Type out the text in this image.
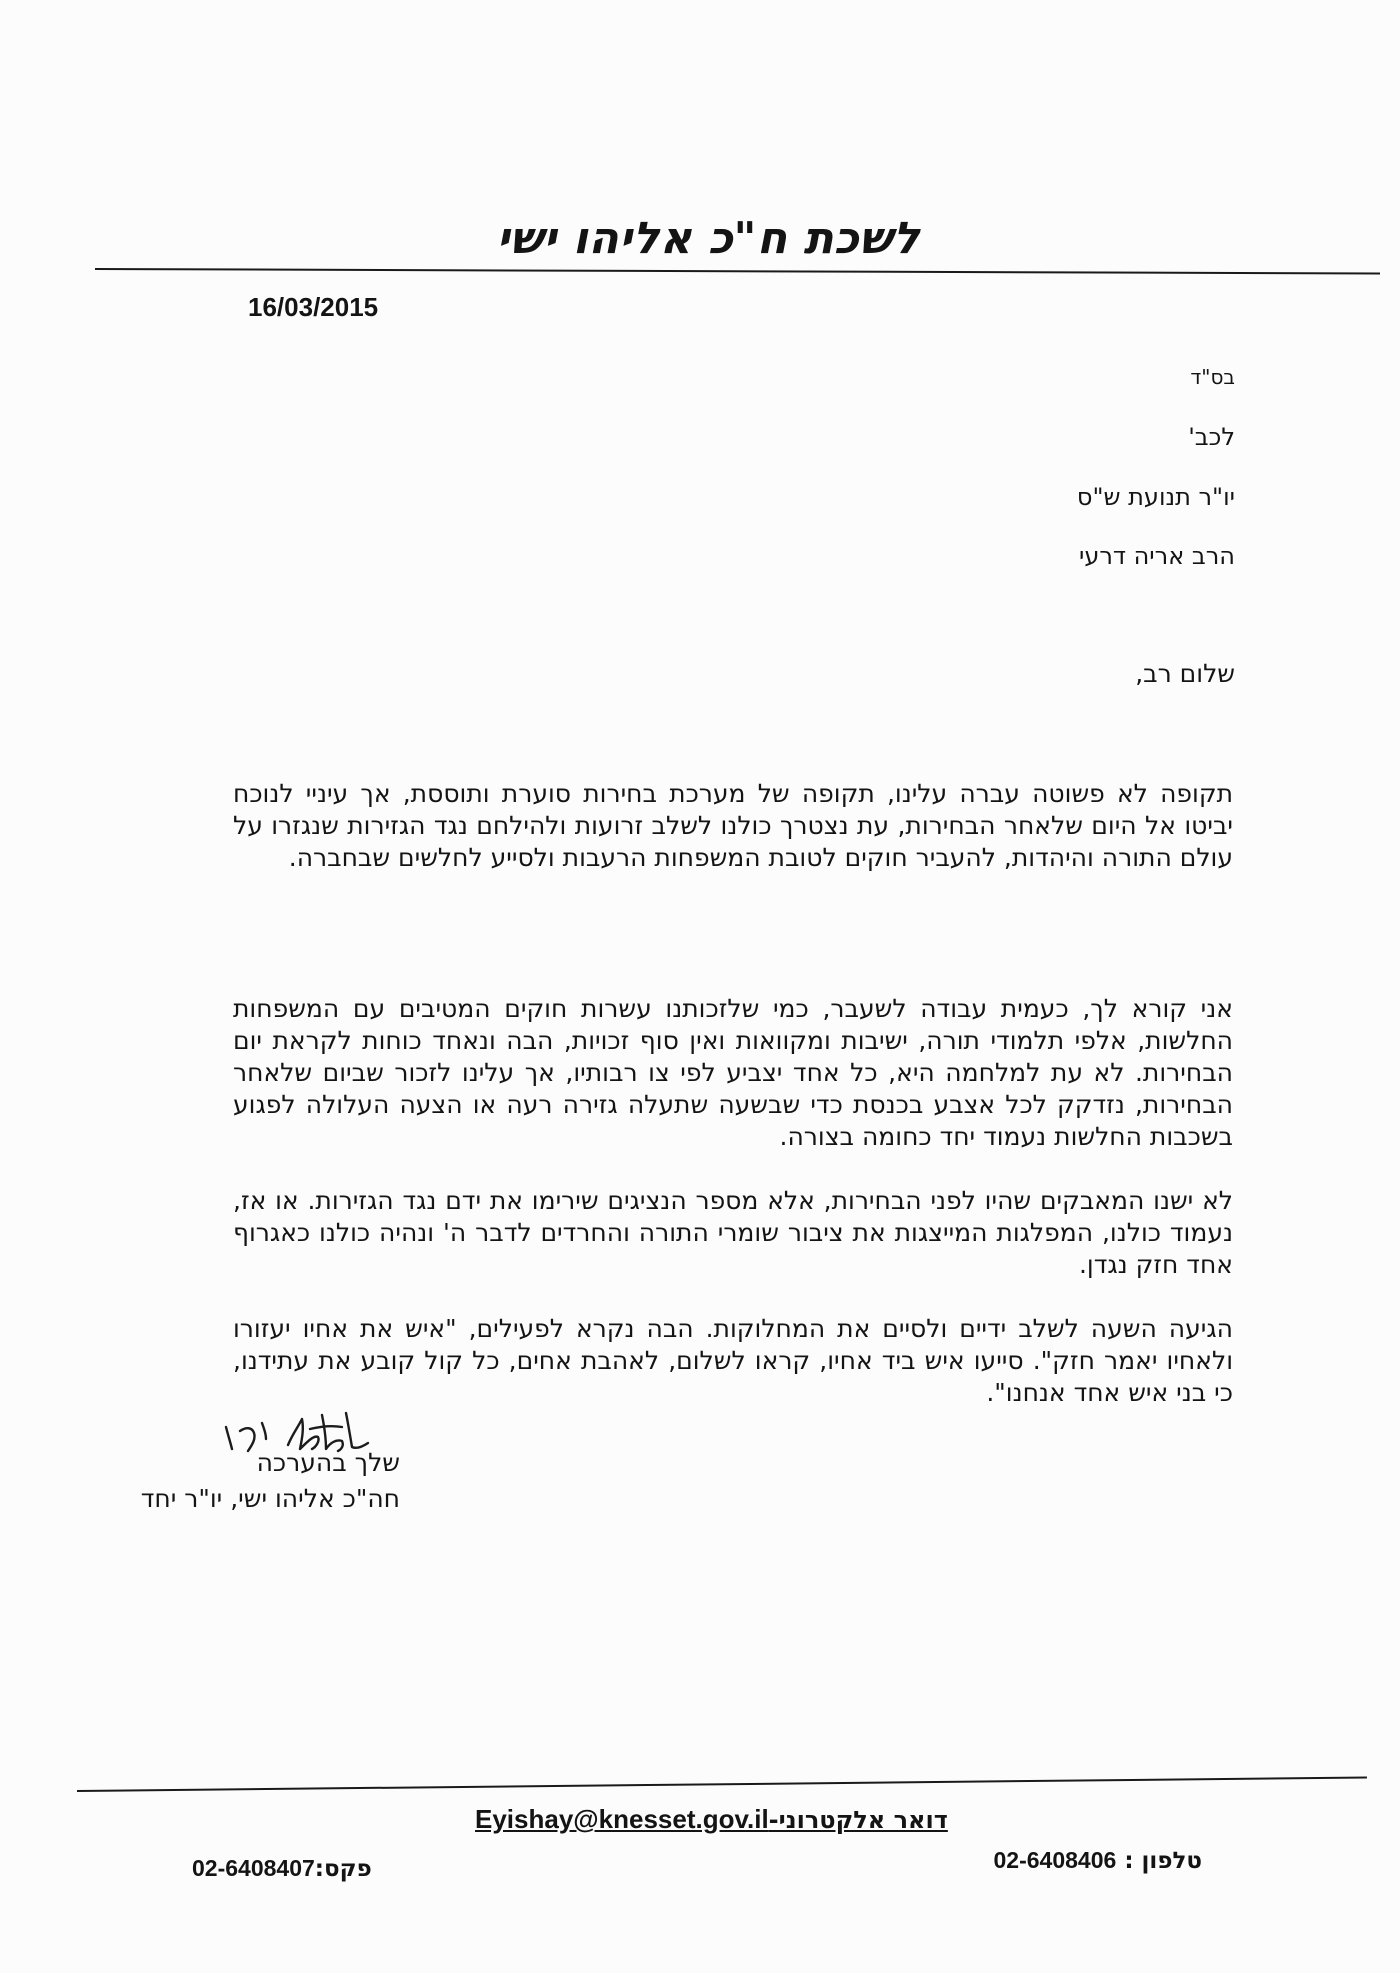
לשכת ח"כ אליהו ישי
16/03/2015
בס"ד
לכב'
יו"ר תנועת ש"ס
הרב אריה דרעי
שלום רב,
תקופה לא פשוטה עברה עלינו, תקופה של מערכת בחירות סוערת ותוססת, אך עיניי לנוכח יביטו אל היום שלאחר הבחירות, עת נצטרך כולנו לשלב זרועות ולהילחם נגד הגזירות שנגזרו על עולם התורה והיהדות, להעביר חוקים לטובת המשפחות הרעבות ולסייע לחלשים שבחברה.
אני קורא לך, כעמית עבודה לשעבר, כמי שלזכותנו עשרות חוקים המטיבים עם המשפחות החלשות, אלפי תלמודי תורה, ישיבות ומקוואות ואין סוף זכויות, הבה ונאחד כוחות לקראת יום הבחירות. לא עת למלחמה היא, כל אחד יצביע לפי צו רבותיו, אך עלינו לזכור שביום שלאחר הבחירות, נזדקק לכל אצבע בכנסת כדי שבשעה שתעלה גזירה רעה או הצעה העלולה לפגוע בשכבות החלשות נעמוד יחד כחומה בצורה.
לא ישנו המאבקים שהיו לפני הבחירות, אלא מספר הנציגים שירימו את ידם נגד הגזירות. או אז, נעמוד כולנו, המפלגות המייצגות את ציבור שומרי התורה והחרדים לדבר ה' ונהיה כולנו כאגרוף אחד חזק נגדן.
הגיעה השעה לשלב ידיים ולסיים את המחלוקות. הבה נקרא לפעילים, "איש את אחיו יעזורו ולאחיו יאמר חזק". סייעו איש ביד אחיו, קראו לשלום, לאהבת אחים, כל קול קובע את עתידנו, כי בני איש אחד אנחנו".
שלך בהערכה
חה"כ אליהו ישי, יו"ר יחד
דואר אלקטרוני-Eyishay@knesset.gov.il
טלפון : 02-6408406
פקס:02-6408407
